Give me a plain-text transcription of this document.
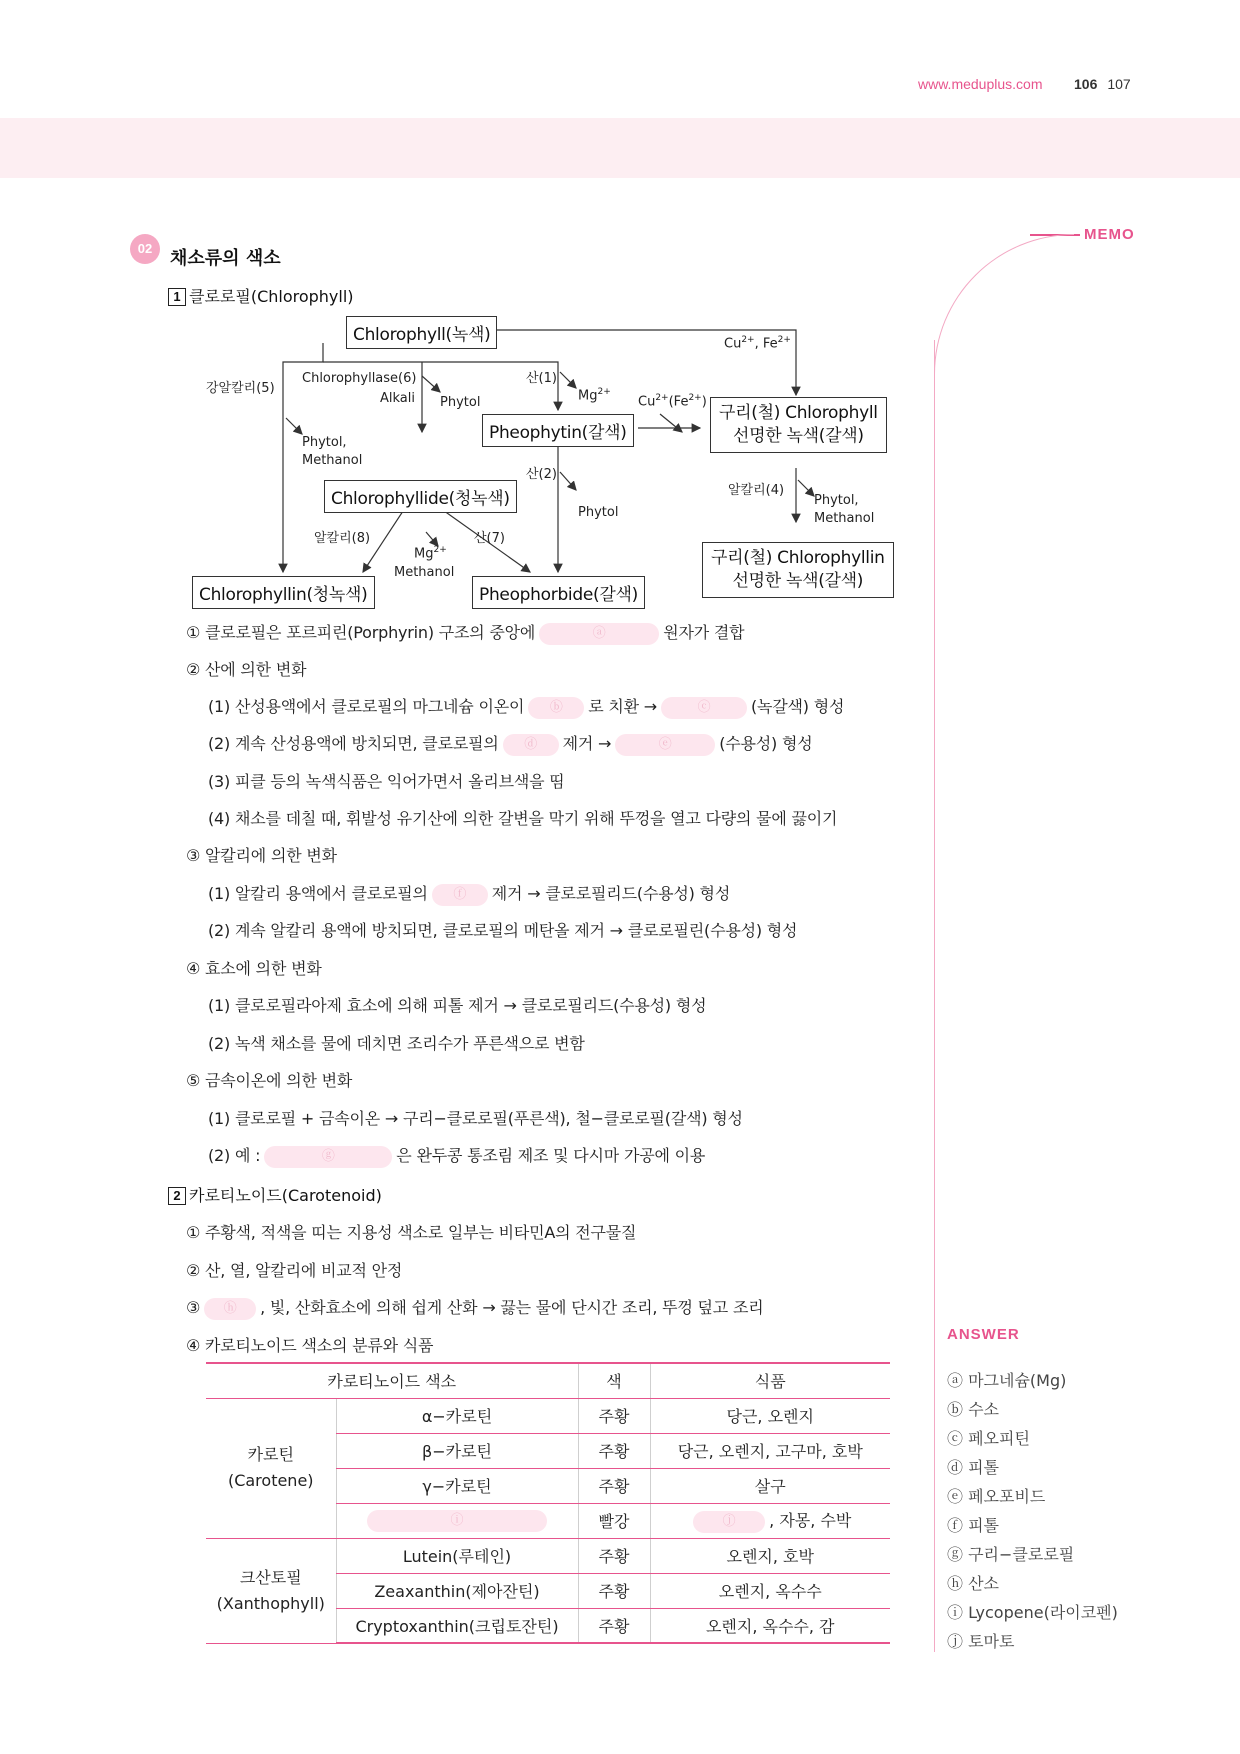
www.meduplus.com 106 107
MEMO
02 채소류의 색소
1 클로로필(Chlorophyll)
Chlorophyll(녹색)
Pheophytin(갈색)
구리(철) Chlorophyll
선명한 녹색(갈색)
Chlorophyllide(청녹색)
Chlorophyllin(청녹색)	Pheophorbide(갈색)
구리(철) Chlorophyllin
선명한 녹색(갈색)
강알칼리(5)
Chlorophyllase(6)
Alkali Phytol
Phytol,
Methanol
산(1)
$Mg^{2+}$
$Cu^{2+}$, $Fe^{2+}$
$Cu^{2+}(Fe^{2+})$
산(2)
Phytol
알칼리(4)
Phytol,
Methanol
알칼리(8)	산(7)
$Mg^{2+}$
Methanol
① 클로로필은 포르피린(Porphyrin) 구조의 중앙에	ⓐ	원자가 결합
② 산에 의한 변화
(1) 산성용액에서 클로로필의 마그네슘 이온이 ⓑ 로 치환 →	ⓒ	(녹갈색) 형성
(2) 계속 산성용액에 방치되면, 클로로필의 ⓓ 제거 →	ⓔ	(수용성) 형성
(3) 피클 등의 녹색식품은 익어가면서 올리브색을 띰
(4) 채소를 데칠 때, 휘발성 유기산에 의한 갈변을 막기 위해 뚜껑을 열고 다량의 물에 끓이기
③ 알칼리에 의한 변화
(1) 알칼리 용액에서 클로로필의 ⓕ 제거 → 클로로필리드(수용성) 형성
(2) 계속 알칼리 용액에 방치되면, 클로로필의 메탄올 제거 → 클로로필린(수용성) 형성
④ 효소에 의한 변화
(1) 클로로필라아제 효소에 의해 피톨 제거 → 클로로필리드(수용성) 형성
(2) 녹색 채소를 물에 데치면 조리수가 푸른색으로 변함
⑤ 금속이온에 의한 변화
(1) 클로로필 + 금속이온 → 구리−클로로필(푸른색), 철−클로로필(갈색) 형성
(2) 예 :	ⓖ	은 완두콩 통조림 제조 및 다시마 가공에 이용
2 카로티노이드(Carotenoid)
① 주황색, 적색을 띠는 지용성 색소로 일부는 비타민A의 전구물질
② 산, 열, 알칼리에 비교적 안정
③ ⓗ , 빛, 산화효소에 의해 쉽게 산화 → 끓는 물에 단시간 조리, 뚜껑 덮고 조리
④ 카로티노이드 색소의 분류와 식품
카로티노이드 색소		색	식품

카로틴
(Carotene)	α−카로틴	주황	당근, 오렌지
	β−카로틴	주황	당근, 오렌지, 고구마, 호박
	γ−카로틴	주황	살구
	ⓘ	빨강	ⓙ , 자몽, 수박

크산토필
(Xanthophyll)	Lutein(루테인)	주황	오렌지, 호박
	Zeaxanthin(제아잔틴)	주황	오렌지, 옥수수
	Cryptoxanthin(크립토잔틴)	주황	오렌지, 옥수수, 감
ANSWER
ⓐ 마그네슘(Mg)
ⓑ 수소
ⓒ 페오피틴
ⓓ 피톨
ⓔ 페오포비드
ⓕ 피톨
ⓖ 구리−클로로필
ⓗ 산소
ⓘ Lycopene(라이코펜)
ⓙ 토마토
